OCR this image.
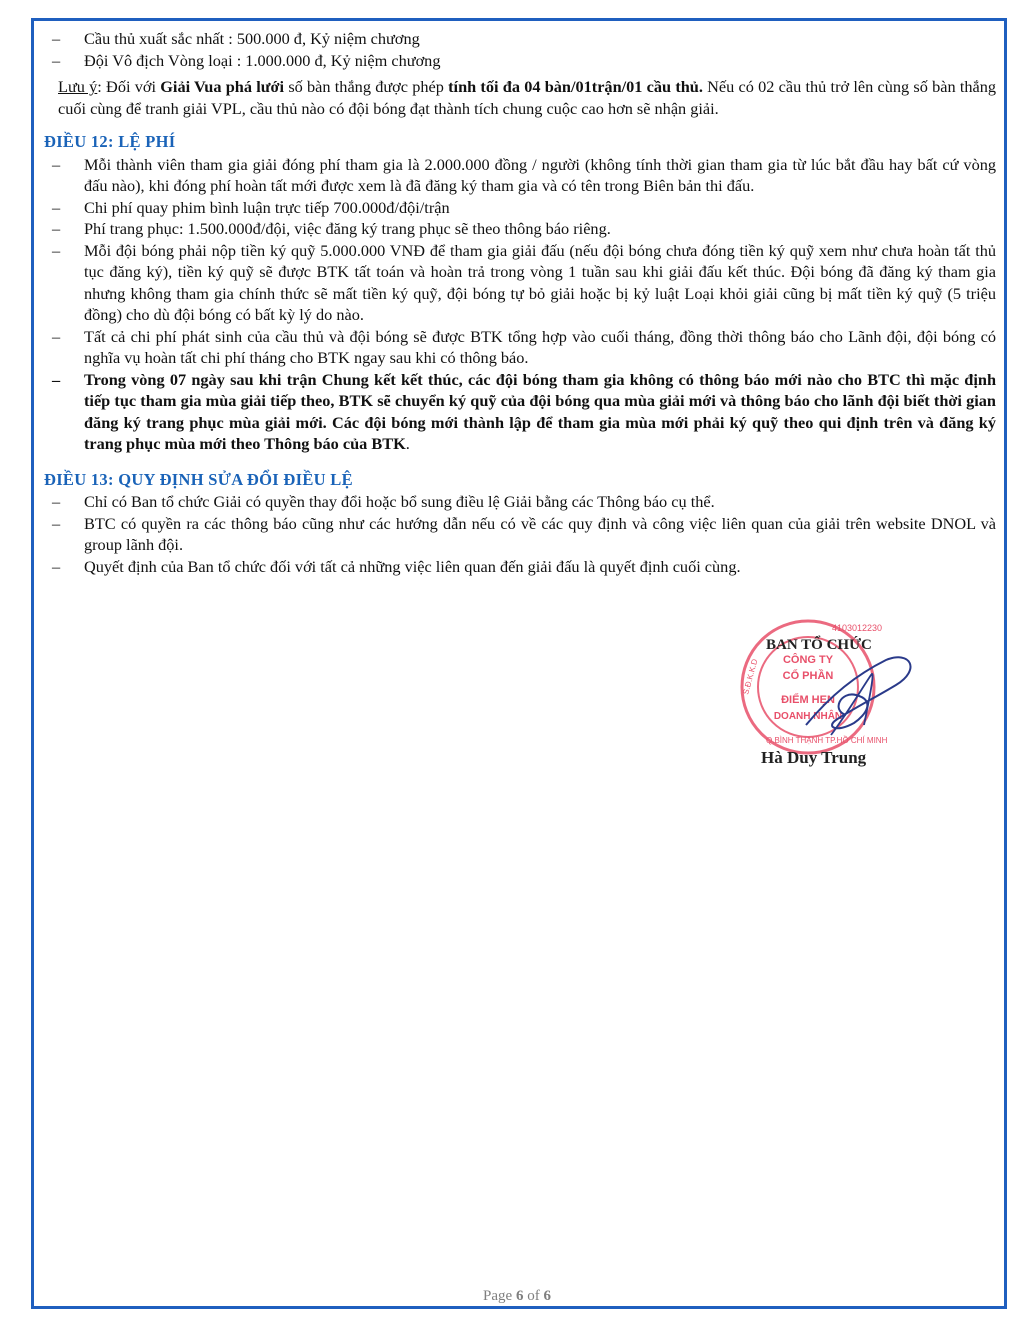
– Cầu thủ xuất sắc nhất : 500.000 đ, Kỷ niệm chương
– Đội Vô địch Vòng loại : 1.000.000 đ, Kỷ niệm chương
Lưu ý: Đối với Giải Vua phá lưới số bàn thắng được phép tính tối đa 04 bàn/01trận/01 cầu thủ. Nếu có 02 cầu thủ trở lên cùng số bàn thắng cuối cùng để tranh giải VPL, cầu thủ nào có đội bóng đạt thành tích chung cuộc cao hơn sẽ nhận giải.
ĐIỀU 12: LỆ PHÍ
– Mỗi thành viên tham gia giải đóng phí tham gia là 2.000.000 đồng / người (không tính thời gian tham gia từ lúc bắt đầu hay bất cứ vòng đấu nào), khi đóng phí hoàn tất mới được xem là đã đăng ký tham gia và có tên trong Biên bản thi đấu.
– Chi phí quay phim bình luận trực tiếp 700.000đ/đội/trận
– Phí trang phục: 1.500.000đ/đội, việc đăng ký trang phục sẽ theo thông báo riêng.
– Mỗi đội bóng phải nộp tiền ký quỹ 5.000.000 VNĐ để tham gia giải đấu (nếu đội bóng chưa đóng tiền ký quỹ xem như chưa hoàn tất thủ tục đăng ký), tiền ký quỹ sẽ được BTK tất toán và hoàn trả trong vòng 1 tuần sau khi giải đấu kết thúc. Đội bóng đã đăng ký tham gia nhưng không tham gia chính thức sẽ mất tiền ký quỹ, đội bóng tự bỏ giải hoặc bị kỷ luật Loại khỏi giải cũng bị mất tiền ký quỹ (5 triệu đồng) cho dù đội bóng có bất kỳ lý do nào.
– Tất cả chi phí phát sinh của cầu thủ và đội bóng sẽ được BTK tổng hợp vào cuối tháng, đồng thời thông báo cho Lãnh đội, đội bóng có nghĩa vụ hoàn tất chi phí tháng cho BTK ngay sau khi có thông báo.
– Trong vòng 07 ngày sau khi trận Chung kết kết thúc, các đội bóng tham gia không có thông báo mới nào cho BTC thì mặc định tiếp tục tham gia mùa giải tiếp theo, BTK sẽ chuyển ký quỹ của đội bóng qua mùa giải mới và thông báo cho lãnh đội biết thời gian đăng ký trang phục mùa giải mới. Các đội bóng mới thành lập để tham gia mùa mới phải ký quỹ theo qui định trên và đăng ký trang phục mùa mới theo Thông báo của BTK.
ĐIỀU 13: QUY ĐỊNH SỬA ĐỔI ĐIỀU LỆ
– Chỉ có Ban tổ chức Giải có quyền thay đổi hoặc bổ sung điều lệ Giải bằng các Thông báo cụ thể.
– BTC có quyền ra các thông báo cũng như các hướng dẫn nếu có về các quy định và công việc liên quan của giải trên website DNOL và group lãnh đội.
– Quyết định của Ban tổ chức đối với tất cả những việc liên quan đến giải đấu là quyết định cuối cùng.
CÔNG TY
CỔ PHẦN
ĐIỂM HẸN
DOANH NHÂN
4103012230
S.Đ.K.K.D
Q.BÌNH THẠNH TP.HỒ CHÍ MINH
BAN TỔ CHỨC
Hà Duy Trung
Page 6 of 6
